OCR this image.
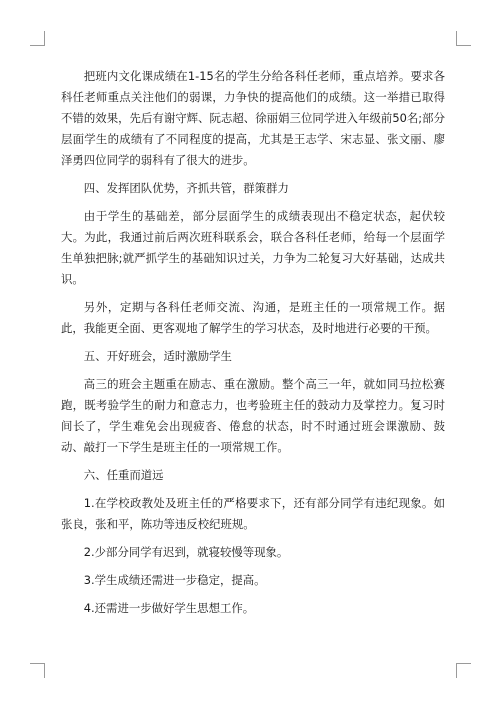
把班内文化课成绩在1-15名的学生分给各科任老师，重点培养。要求各科任老师重点关注他们的弱课，力争快的提高他们的成绩。这一举措已取得不错的效果，先后有谢守辉、阮志超、徐丽娟三位同学进入年级前50名;部分层面学生的成绩有了不同程度的提高，尤其是王志学、宋志显、张文丽、廖泽勇四位同学的弱科有了很大的进步。

四、发挥团队优势，齐抓共管，群策群力

由于学生的基础差，部分层面学生的成绩表现出不稳定状态，起伏较大。为此，我通过前后两次班科联系会，联合各科任老师，给每一个层面学生单独把脉;就严抓学生的基础知识过关，力争为二轮复习大好基础，达成共识。

另外，定期与各科任老师交流、沟通，是班主任的一项常规工作。据此，我能更全面、更客观地了解学生的学习状态，及时地进行必要的干预。

五、开好班会，适时激励学生

高三的班会主题重在励志、重在激励。整个高三一年，就如同马拉松赛跑，既考验学生的耐力和意志力，也考验班主任的鼓动力及掌控力。复习时间长了，学生难免会出现疲沓、倦怠的状态，时不时通过班会课激励、鼓动、敲打一下学生是班主任的一项常规工作。

六、任重而道远

1.在学校政教处及班主任的严格要求下，还有部分同学有违纪现象。如张良，张和平，陈功等违反校纪班规。

2.少部分同学有迟到，就寝较慢等现象。

3.学生成绩还需进一步稳定，提高。

4.还需进一步做好学生思想工作。
